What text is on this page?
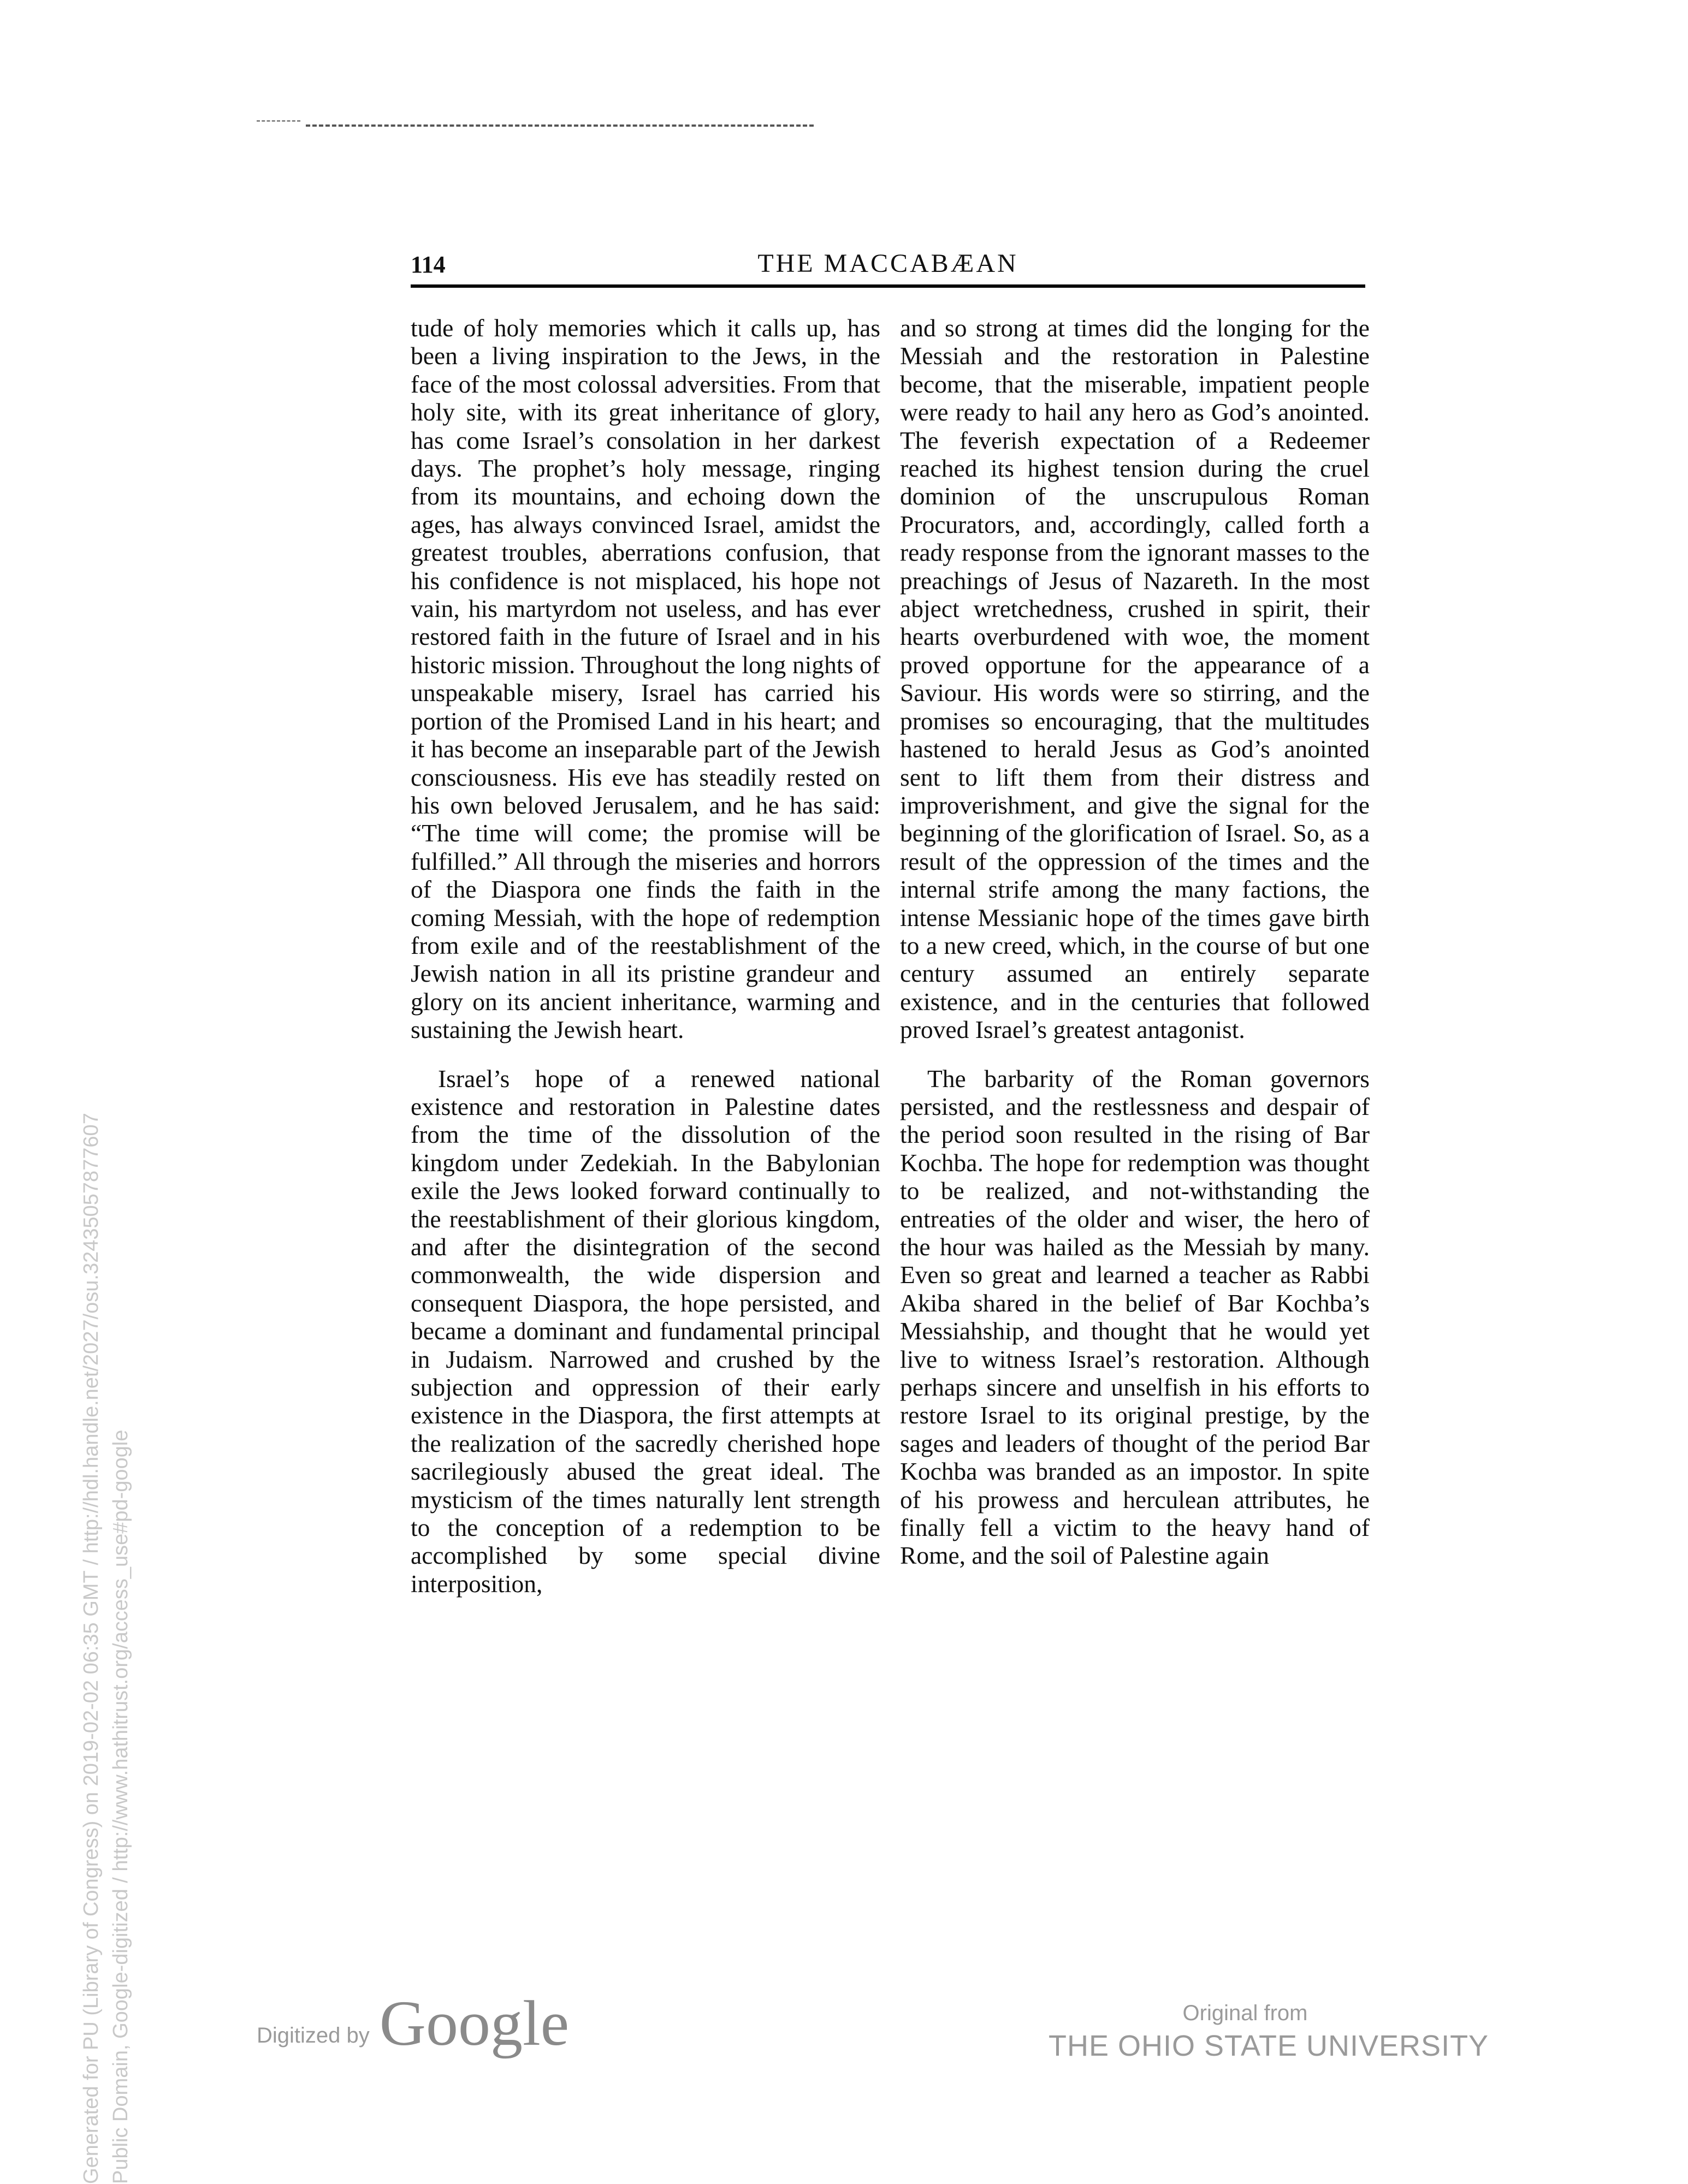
114	THE MACCABÆAN

tude of holy memories which it calls up, has been a living inspiration to the Jews, in the face of the most colossal adversities. From that holy site, with its great inheritance of glory, has come Israel’s consolation in her darkest days. The prophet’s holy message, ringing from its mountains, and echoing down the ages, has always convinced Israel, amidst the greatest troubles, aberrations confusion, that his confidence is not misplaced, his hope not vain, his martyrdom not useless, and has ever restored faith in the future of Israel and in his historic mission. Throughout the long nights of unspeakable misery, Israel has carried his portion of the Promised Land in his heart; and it has become an inseparable part of the Jewish consciousness. His eve has steadily rested on his own beloved Jerusalem, and he has said: “The time will come; the promise will be fulfilled.” All through the miseries and horrors of the Diaspora one finds the faith in the coming Messiah, with the hope of redemption from exile and of the reestablishment of the Jewish nation in all its pristine grandeur and glory on its ancient inheritance, warming and sustaining the Jewish heart.

Israel’s hope of a renewed national existence and restoration in Palestine dates from the time of the dissolution of the kingdom under Zedekiah. In the Babylonian exile the Jews looked forward continually to the reestablishment of their glorious kingdom, and after the disintegration of the second commonwealth, the wide dispersion and consequent Diaspora, the hope persisted, and became a dominant and fundamental principal in Judaism. Narrowed and crushed by the subjection and oppression of their early existence in the Diaspora, the first attempts at the realization of the sacredly cherished hope sacrilegiously abused the great ideal. The mysticism of the times naturally lent strength to the conception of a redemption to be accomplished by some special divine interposition,

and so strong at times did the longing for the Messiah and the restoration in Palestine become, that the miserable, impatient people were ready to hail any hero as God’s anointed. The feverish expectation of a Redeemer reached its highest tension during the cruel dominion of the unscrupulous Roman Procurators, and, accordingly, called forth a ready response from the ignorant masses to the preachings of Jesus of Nazareth. In the most abject wretchedness, crushed in spirit, their hearts overburdened with woe, the moment proved opportune for the appearance of a Saviour. His words were so stirring, and the promises so encouraging, that the multitudes hastened to herald Jesus as God’s anointed sent to lift them from their distress and improverishment, and give the signal for the beginning of the glorification of Israel. So, as a result of the oppression of the times and the internal strife among the many factions, the intense Messianic hope of the times gave birth to a new creed, which, in the course of but one century assumed an entirely separate existence, and in the centuries that followed proved Israel’s greatest antagonist.

The barbarity of the Roman governors persisted, and the restlessness and despair of the period soon resulted in the rising of Bar Kochba. The hope for redemption was thought to be realized, and not-withstanding the entreaties of the older and wiser, the hero of the hour was hailed as the Messiah by many. Even so great and learned a teacher as Rabbi Akiba shared in the belief of Bar Kochba’s Messiahship, and thought that he would yet live to witness Israel’s restoration. Although perhaps sincere and unselfish in his efforts to restore Israel to its original prestige, by the sages and leaders of thought of the period Bar Kochba was branded as an impostor. In spite of his prowess and herculean attributes, he finally fell a victim to the heavy hand of Rome, and the soil of Palestine again

Generated for PU (Library of Congress) on 2019-02-02 06:35 GMT / http://hdl.handle.net/2027/osu.32435057877607 Public Domain, Google-digitized / http://www.hathitrust.org/access_use#pd-google	Digitized by Google	Original from
THE OHIO STATE UNIVERSITY
